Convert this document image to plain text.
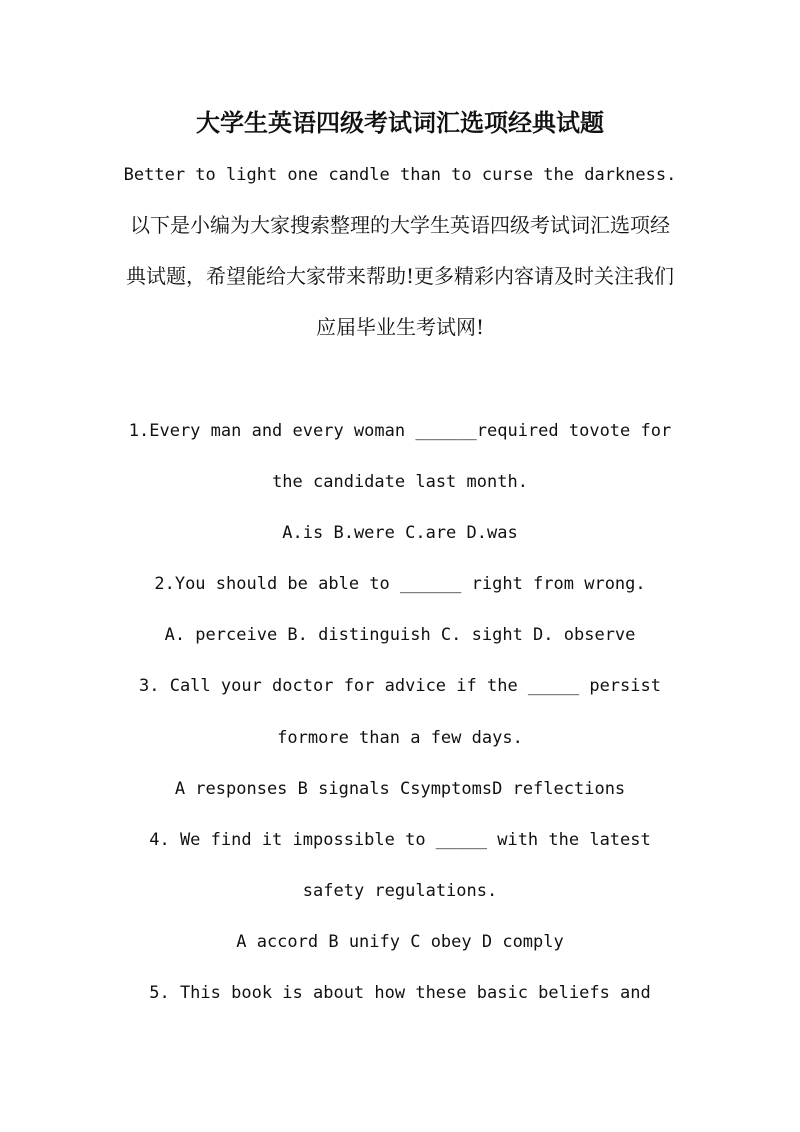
大学生英语四级考试词汇选项经典试题

Better to light one candle than to curse the darkness.

以下是小编为大家搜索整理的大学生英语四级考试词汇选项经

典试题，希望能给大家带来帮助!更多精彩内容请及时关注我们

应届毕业生考试网!

1.Every man and every woman ______required tovote for

the candidate last month.

A.is B.were C.are D.was

2.You should be able to ______ right from wrong.

A. perceive B. distinguish C. sight D. observe

3. Call your doctor for advice if the _____ persist

formore than a few days.

A responses B signals CsymptomsD reflections

4. We find it impossible to _____ with the latest

safety regulations.

A accord B unify C obey D comply

5. This book is about how these basic beliefs and
